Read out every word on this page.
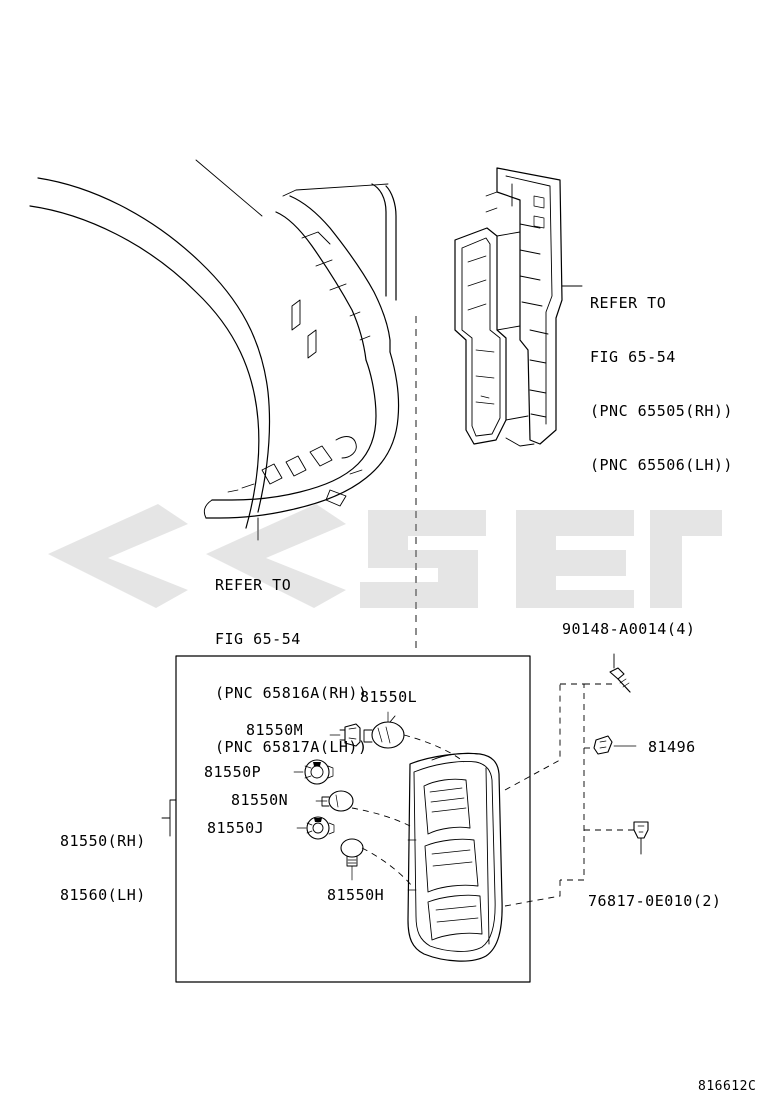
REFER TO

FIG 65-54

(PNC 65505(RH))

(PNC 65506(LH))

REFER TO

FIG 65-54

(PNC 65816A(RH))

(PNC 65817A(LH))

81550L
81550M
81550P
81550N
81550J
81550H
81496
90148-A0014(4)
76817-0E010(2)

81550(RH)

81560(LH)

816612C
